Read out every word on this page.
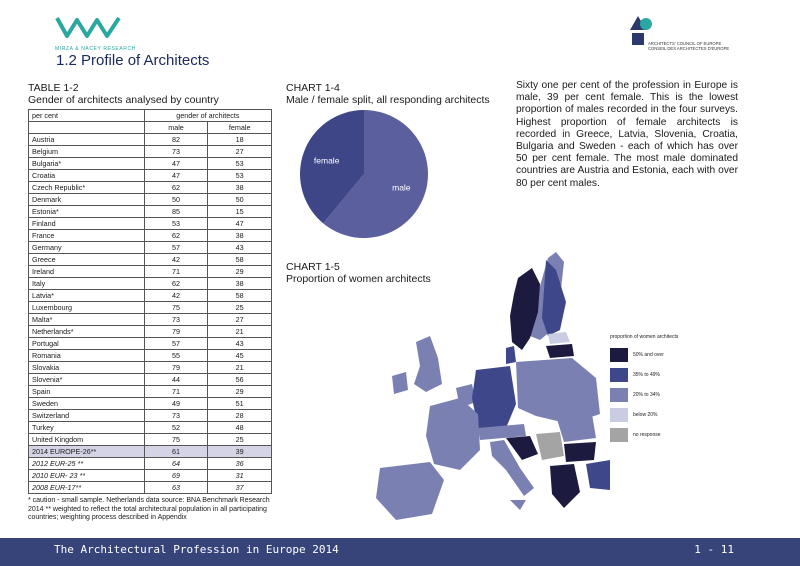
MIRZA & NACEY RESEARCH
ARCHITECTS' COUNCIL OF EUROPE
CONSEIL DES ARCHITECTES D'EUROPE
1.2 Profile of Architects
TABLE 1-2
Gender of architects analysed by country
per cent	gender of architects	
	male	female
Austria	82	18
Belgium	73	27
Bulgaria*	47	53
Croatia	47	53
Czech Republic*	62	38
Denmark	50	50
Estonia*	85	15
Finland	53	47
France	62	38
Germany	57	43
Greece	42	58
Ireland	71	29
Italy	62	38
Latvia*	42	58
Luxembourg	75	25
Malta*	73	27
Netherlands*	79	21
Portugal	57	43
Romania	55	45
Slovakia	79	21
Slovenia*	44	56
Spain	71	29
Sweden	49	51
Switzerland	73	28
Turkey	52	48
United Kingdom	75	25
2014 EUROPE-26**	61	39
2012 EUR-25 **	64	36
2010 EUR- 23 **	69	31
2008 EUR-17**	63	37
* caution - small sample. Netherlands data source: BNA Benchmark Research 2014 ** weighted to reflect the total architectural population in all participating countries; weighting process described in Appendix
CHART 1-4
Male / female split, all responding architects
male
female
CHART 1-5
Proportion of women architects
Sixty one per cent of the profession in Europe is male, 39 per cent female. This is the lowest proportion of males recorded in the four surveys. Highest proportion of female architects is recorded in Greece, Latvia, Slovenia, Croatia, Bulgaria and Sweden - each of which has over 50 per cent female. The most male dominated countries are Austria and Estonia, each with over 80 per cent males.
proportion of women architects
50% and over
35% to 49%
20% to 34%
below 20%
no response
The Architectural Profession in Europe 2014	1 - 11
